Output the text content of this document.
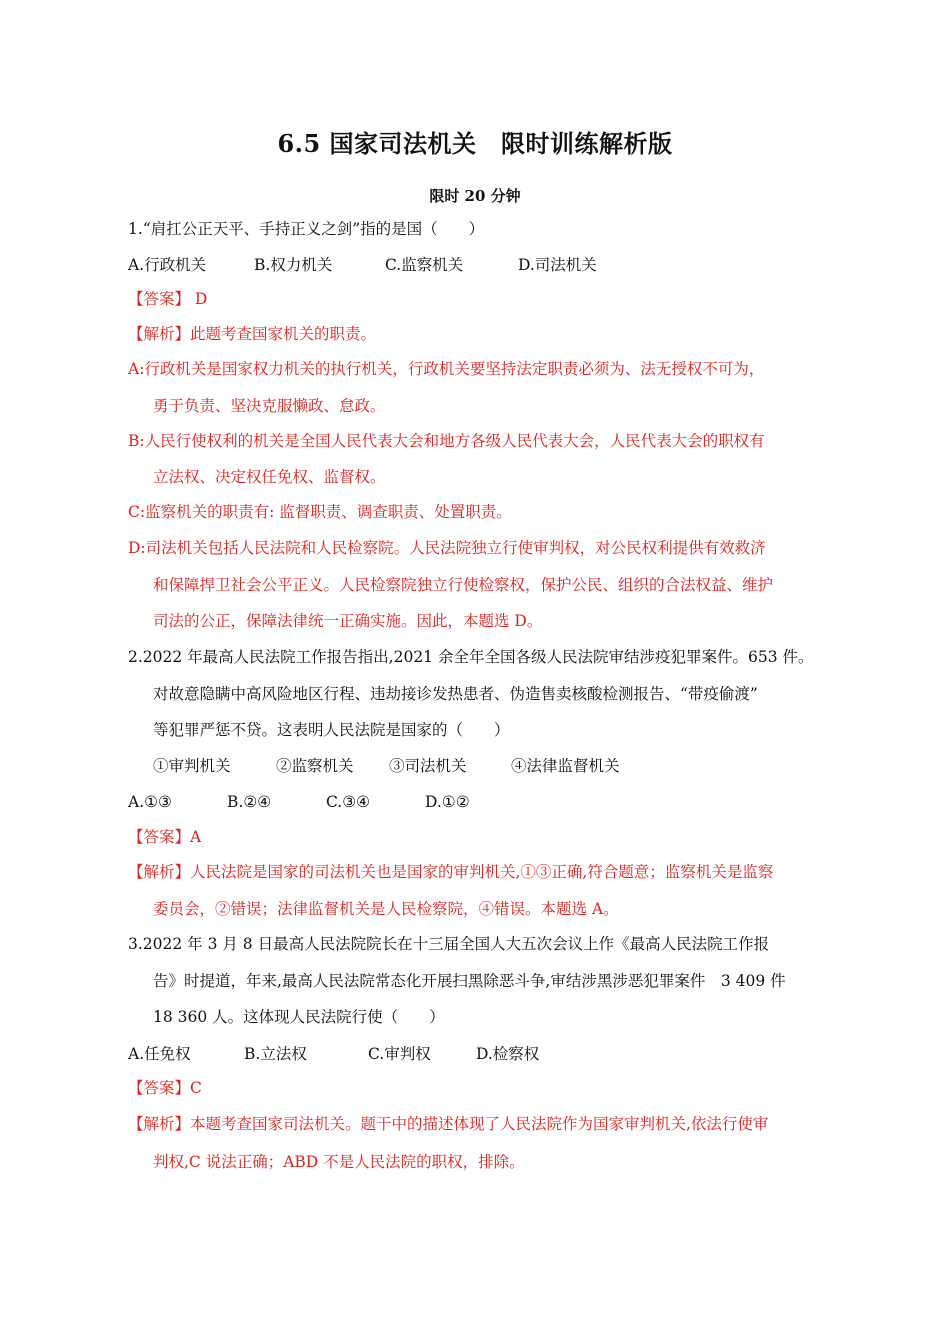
6.5 国家司法机关　限时训练解析版
限时 20 分钟
1.“肩扛公正天平、手持正义之剑”指的是国（　　）
A.行政机关	B.权力机关	C.监察机关	D.司法机关
【答案】 D
【解析】此题考查国家机关的职责。
A:行政机关是国家权力机关的执行机关，行政机关要坚持法定职责必须为、法无授权不可为，
勇于负责、坚决克服懒政、怠政。
B:人民行使权利的机关是全国人民代表大会和地方各级人民代表大会，人民代表大会的职权有
立法权、决定权任免权、监督权。
C:监察机关的职责有: 监督职责、调查职责、处置职责。
D:司法机关包括人民法院和人民检察院。人民法院独立行使审判权，对公民权利提供有效救济
和保障捍卫社会公平正义。人民检察院独立行使检察权，保护公民、组织的合法权益、维护
司法的公正，保障法律统一正确实施。因此，本题选 D。
2.2022 年最高人民法院工作报告指出,2021 余全年全国各级人民法院审结涉疫犯罪案件。653 件。
对故意隐瞒中高风险地区行程、违劫接诊发热患者、伪造售卖核酸检测报告、“带疫偷渡”
等犯罪严惩不贷。这表明人民法院是国家的（　　）
①审判机关	②监察机关 ③司法机关	④法律监督机关
A.①③	B.②④	C.③④	D.①②
【答案】A
【解析】人民法院是国家的司法机关也是国家的审判机关,①③正确,符合题意；监察机关是监察
委员会，②错误；法律监督机关是人民检察院，④错误。本题选 A。
3.2022 年 3 月 8 日最高人民法院院长在十三届全国人大五次会议上作《最高人民法院工作报
告》时提道，年来,最高人民法院常态化开展扫黑除恶斗争,审结涉黑涉恶犯罪案件　3 409 件
18 360 人。这体现人民法院行使（　　）
A.任免权	B.立法权	C.审判权	D.检察权
【答案】C
【解析】本题考查国家司法机关。题干中的描述体现了人民法院作为国家审判机关,依法行使审
判权,C 说法正确；ABD 不是人民法院的职权，排除。
